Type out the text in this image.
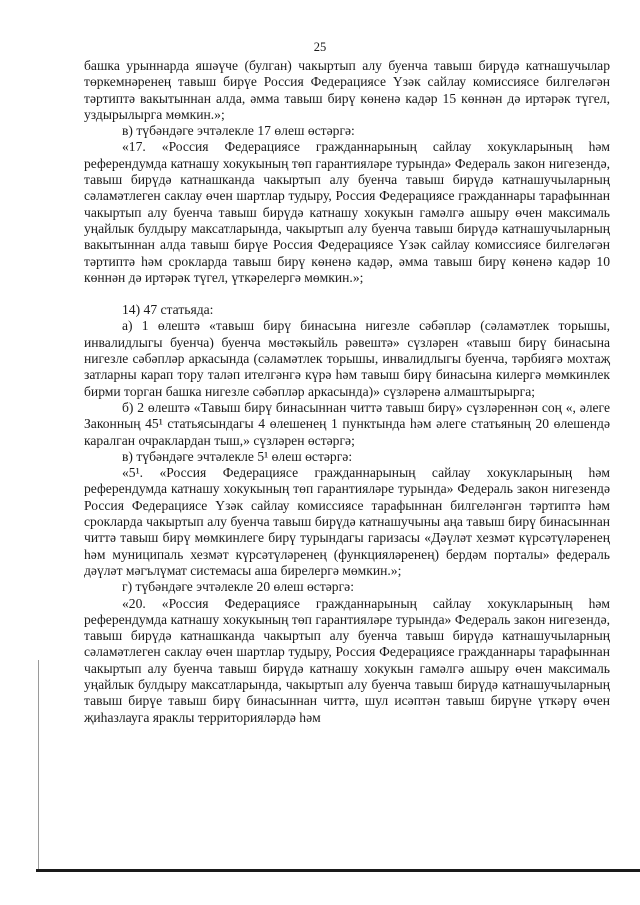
25

башка урыннарда яшәүче (булган) чакыртып алу буенча тавыш бирүдә катнашучылар төркемнәренең тавыш бирүе Россия Федерациясе Үзәк сайлау комиссиясе билгеләгән тәртиптә вакытыннан алда, әмма тавыш бирү көненә кадәр 15 көннән дә иртәрәк түгел, уздырылырга мөмкин.»;

в) түбәндәге эчтәлекле 17 өлеш өстәргә:

«17. «Россия Федерациясе гражданнарының сайлау хокукларының һәм референдумда катнашу хокукының төп гарантияләре турында» Федераль закон нигезендә, тавыш бирүдә катнашканда чакыртып алу буенча тавыш бирүдә катнашучыларның сәламәтлеген саклау өчен шартлар тудыру, Россия Федерациясе гражданнары тарафыннан чакыртып алу буенча тавыш бирүдә катнашу хокукын гамәлгә ашыру өчен максималь уңайлык булдыру максатларында, чакыртып алу буенча тавыш бирүдә катнашучыларның вакытыннан алда тавыш бирүе Россия Федерациясе Үзәк сайлау комиссиясе билгеләгән тәртиптә һәм срокларда тавыш бирү көненә кадәр, әмма тавыш бирү көненә кадәр 10 көннән дә иртәрәк түгел, үткәрелергә мөмкин.»;

14) 47 статьяда:

а) 1 өлештә «тавыш бирү бинасына нигезле сәбәпләр (сәламәтлек торышы, инвалидлыгы буенча) буенча мөстәкыйль рәвештә» сүзләрен «тавыш бирү бинасына нигезле сәбәпләр аркасында (сәламәтлек торышы, инвалидлыгы буенча, тәрбиягә мохтаҗ затларны карап тору таләп ителгәнгә күрә һәм тавыш бирү бинасына килергә мөмкинлек бирми торган башка нигезле сәбәпләр аркасында)» сүзләренә алмаштырырга;

б) 2 өлештә «Тавыш бирү бинасыннан читтә тавыш бирү» сүзләреннән соң «, әлеге Законның 45¹ статьясындагы 4 өлешенең 1 пунктында һәм әлеге статьяның 20 өлешендә каралган очраклардан тыш,» сүзләрен өстәргә;

в) түбәндәге эчтәлекле 5¹ өлеш өстәргә:

«5¹. «Россия Федерациясе гражданнарының сайлау хокукларының һәм референдумда катнашу хокукының төп гарантияләре турында» Федераль закон нигезендә Россия Федерациясе Үзәк сайлау комиссиясе тарафыннан билгеләнгән тәртиптә һәм срокларда чакыртып алу буенча тавыш бирүдә катнашучыны аңа тавыш бирү бинасыннан читтә тавыш бирү мөмкинлеге бирү турындагы гаризасы «Дәүләт хезмәт күрсәтүләренең һәм муниципаль хезмәт күрсәтүләренең (функцияләренең) бердәм порталы» федераль дәүләт мәгълүмат системасы аша бирелергә мөмкин.»;

г) түбәндәге эчтәлекле 20 өлеш өстәргә:

«20. «Россия Федерациясе гражданнарының сайлау хокукларының һәм референдумда катнашу хокукының төп гарантияләре турында» Федераль закон нигезендә, тавыш бирүдә катнашканда чакыртып алу буенча тавыш бирүдә катнашучыларның сәламәтлеген саклау өчен шартлар тудыру, Россия Федерациясе гражданнары тарафыннан чакыртып алу буенча тавыш бирүдә катнашу хокукын гамәлгә ашыру өчен максималь уңайлык булдыру максатларында, чакыртып алу буенча тавыш бирүдә катнашучыларның тавыш бирүе тавыш бирү бинасыннан читтә, шул исәптән тавыш бирүне үткәрү өчен җиһазлауга яраклы территорияләрдә һәм
